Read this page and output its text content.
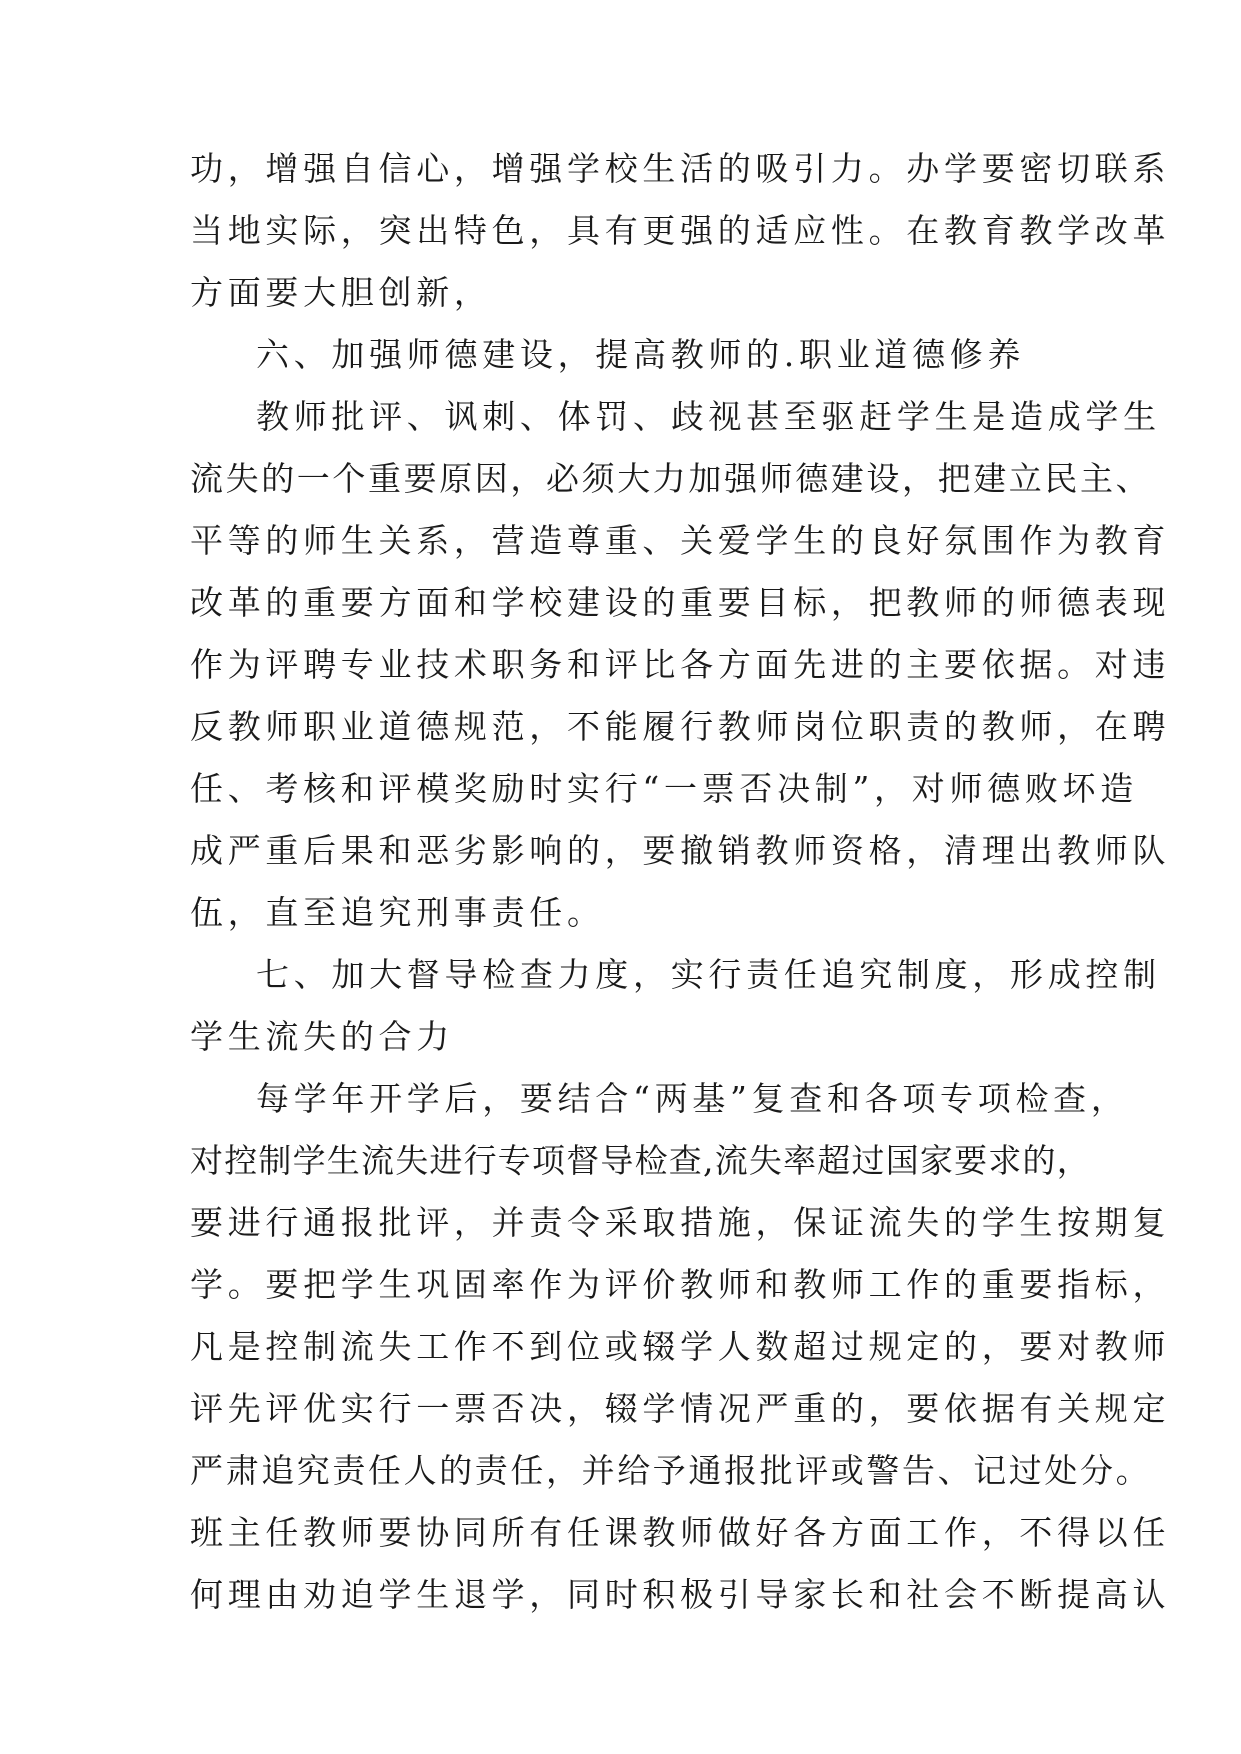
功，增强自信心，增强学校生活的吸引力。办学要密切联系
当地实际，突出特色，具有更强的适应性。在教育教学改革
方面要大胆创新，
六、加强师德建设，提高教师的.职业道德修养
教师批评、讽刺、体罚、歧视甚至驱赶学生是造成学生
流失的一个重要原因，必须大力加强师德建设，把建立民主、
平等的师生关系，营造尊重、关爱学生的良好氛围作为教育
改革的重要方面和学校建设的重要目标，把教师的师德表现
作为评聘专业技术职务和评比各方面先进的主要依据。对违
反教师职业道德规范，不能履行教师岗位职责的教师，在聘
任、考核和评模奖励时实行“一票否决制”，对师德败坏造
成严重后果和恶劣影响的，要撤销教师资格，清理出教师队
伍，直至追究刑事责任。
七、加大督导检查力度，实行责任追究制度，形成控制
学生流失的合力
每学年开学后，要结合“两基”复查和各项专项检查，
对控制学生流失进行专项督导检查,流失率超过国家要求的，
要进行通报批评，并责令采取措施，保证流失的学生按期复
学。要把学生巩固率作为评价教师和教师工作的重要指标，
凡是控制流失工作不到位或辍学人数超过规定的，要对教师
评先评优实行一票否决，辍学情况严重的，要依据有关规定
严肃追究责任人的责任，并给予通报批评或警告、记过处分。
班主任教师要协同所有任课教师做好各方面工作，不得以任
何理由劝迫学生退学，同时积极引导家长和社会不断提高认
